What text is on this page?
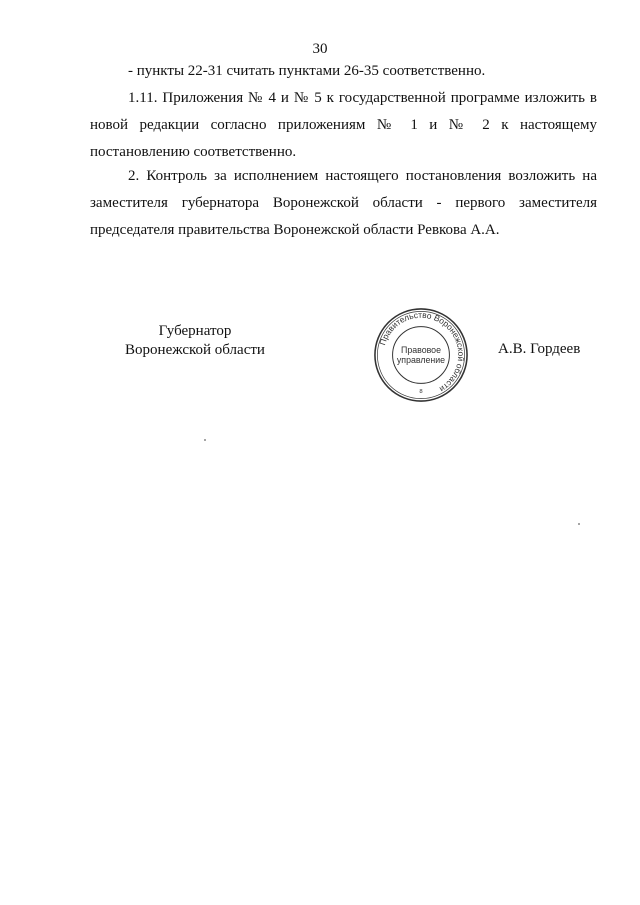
30

- пункты 22-31 считать пунктами 26-35 соответственно.

1.11. Приложения № 4 и № 5 к государственной программе изложить в
новой редакции согласно приложениям № 1 и № 2 к настоящему
постановлению соответственно.

2. Контроль за исполнением настоящего постановления возложить на
заместителя губернатора Воронежской области - первого заместителя
председателя правительства Воронежской области Ревкова А.А.

Губернатор
Воронежской области
Правительство Воронежской области
Правовое
управление
8
А.В. Гордеев
